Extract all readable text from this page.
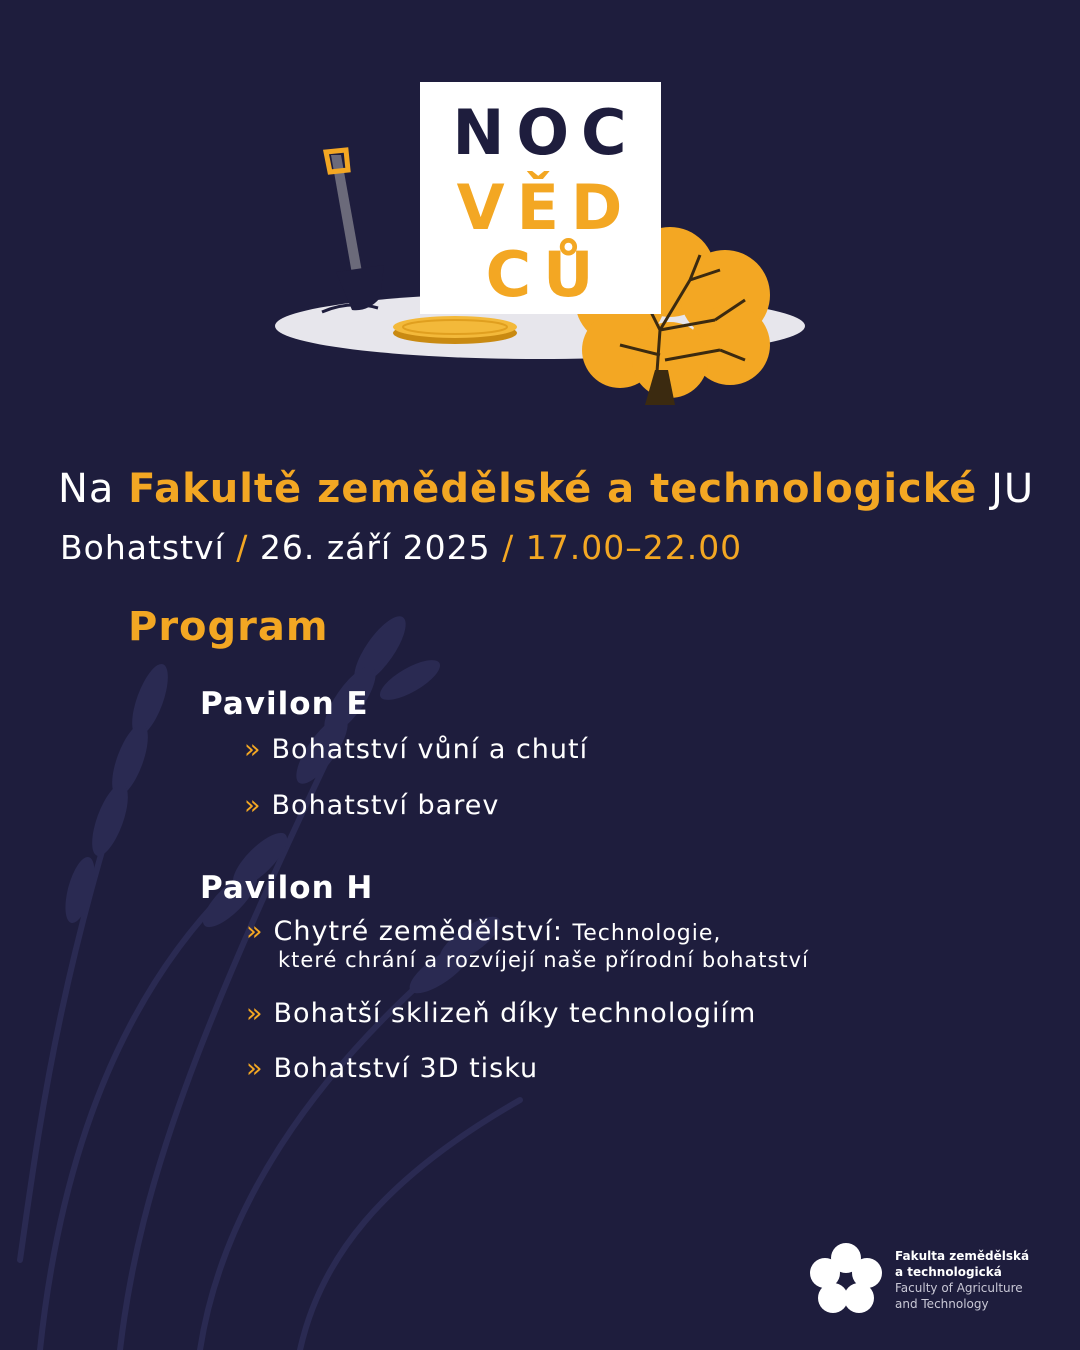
NOC
VĚD
CŮ
Na Fakultě zemědělské a technologické JU
Bohatství / 26. září 2025 / 17.00–22.00
Program
Pavilon E
» Bohatství vůní a chutí
» Bohatství barev
Pavilon H
» Chytré zemědělství: Technologie,
které chrání a rozvíjejí naše přírodní bohatství
» Bohatší sklizeň díky technologiím
» Bohatství 3D tisku
Fakulta zemědělská
a technologická
Faculty of Agriculture
and Technology
